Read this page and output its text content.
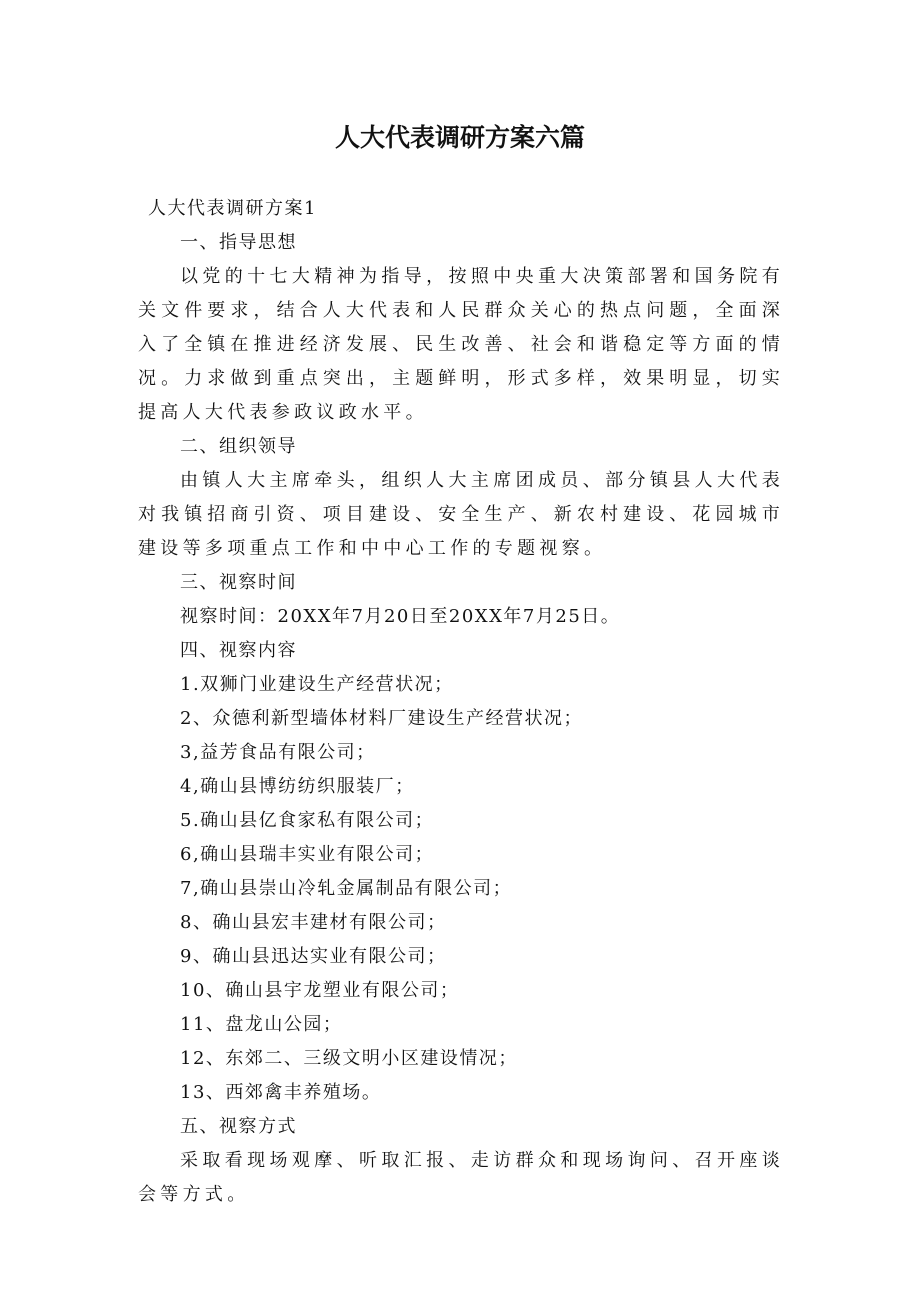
人大代表调研方案六篇

人大代表调研方案1

一、指导思想

以党的十七大精神为指导，按照中央重大决策部署和国务院有关文件要求，结合人大代表和人民群众关心的热点问题，全面深入了全镇在推进经济发展、民生改善、社会和谐稳定等方面的情况。力求做到重点突出，主题鲜明，形式多样，效果明显，切实提高人大代表参政议政水平。

二、组织领导

由镇人大主席牵头，组织人大主席团成员、部分镇县人大代表对我镇招商引资、项目建设、安全生产、新农村建设、花园城市建设等多项重点工作和中中心工作的专题视察。

三、视察时间

视察时间：20XX年7月20日至20XX年7月25日。

四、视察内容

1.双狮门业建设生产经营状况；

2、众德利新型墙体材料厂建设生产经营状况；

3,益芳食品有限公司；

4,确山县博纺纺织服装厂；

5.确山县亿食家私有限公司；

6,确山县瑞丰实业有限公司；

7,确山县崇山冷轧金属制品有限公司；

8、确山县宏丰建材有限公司；

9、确山县迅达实业有限公司；

10、确山县宇龙塑业有限公司；

11、盘龙山公园；

12、东郊二、三级文明小区建设情况；

13、西郊禽丰养殖场。

五、视察方式

采取看现场观摩、听取汇报、走访群众和现场询问、召开座谈会等方式。
